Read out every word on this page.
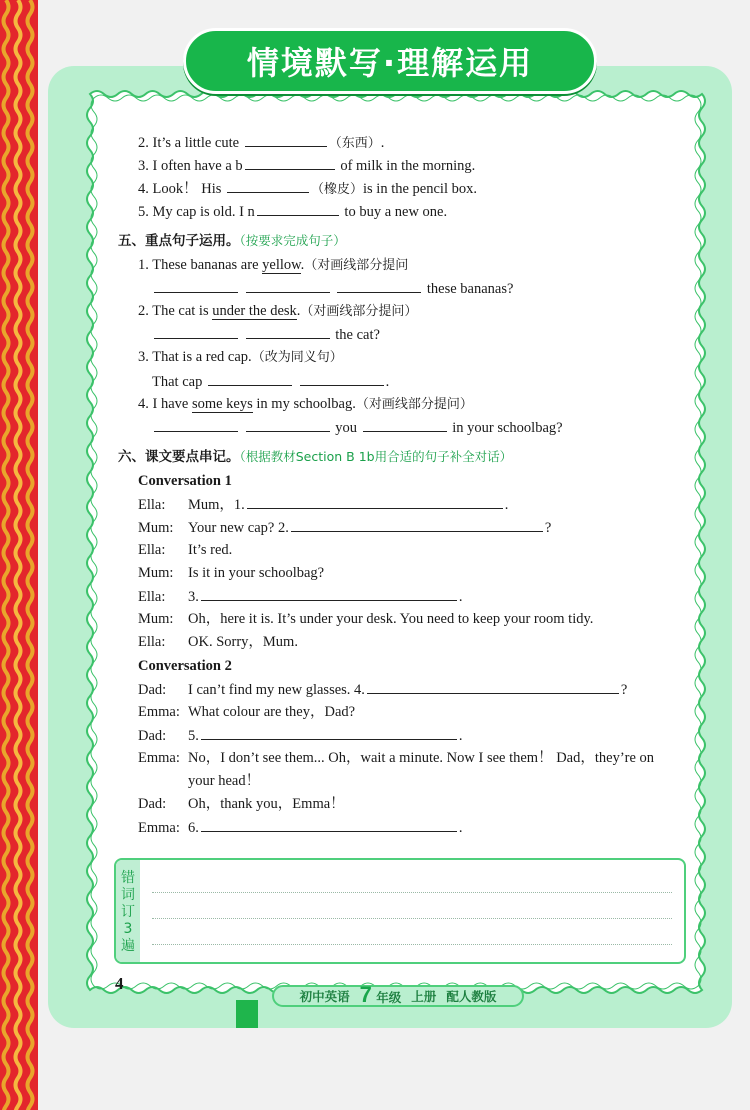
情境默写·理解运用
2. It’s a little cute	（东西）.
3. I often have a b	of milk in the morning.
4. Look！ His	（橡皮）is in the pencil box.
5. My cap is old. I n	to buy a new one.
五、重点句子运用。（按要求完成句子）
1. These bananas are yellow.（对画线部分提问
these bananas?
2. The cat is under the desk.（对画线部分提问）
the cat?
3. That is a red cap.（改为同义句）
That cap	.
4. I have some keys in my schoolbag.（对画线部分提问）
you	in your schoolbag?
六、课文要点串记。（根据教材Section B 1b用合适的句子补全对话）
Conversation 1
Ella: Mum，1.	.
Mum: Your new cap? 2.	?
Ella: It’s red.
Mum: Is it in your schoolbag?
Ella: 3.	.
Mum: Oh，here it is. It’s under your desk. You need to keep your room tidy.
Ella: OK. Sorry，Mum.
Conversation 2
Dad: I can’t find my new glasses. 4.	?
Emma: What colour are they，Dad?
Dad: 5.	.
Emma: No，I don’t see them... Oh，wait a minute. Now I see them！ Dad，they’re on
your head！
Dad: Oh，thank you，Emma！
Emma: 6.	.
错词订3遍
4
初中英语 7 年级 上册 配人教版
